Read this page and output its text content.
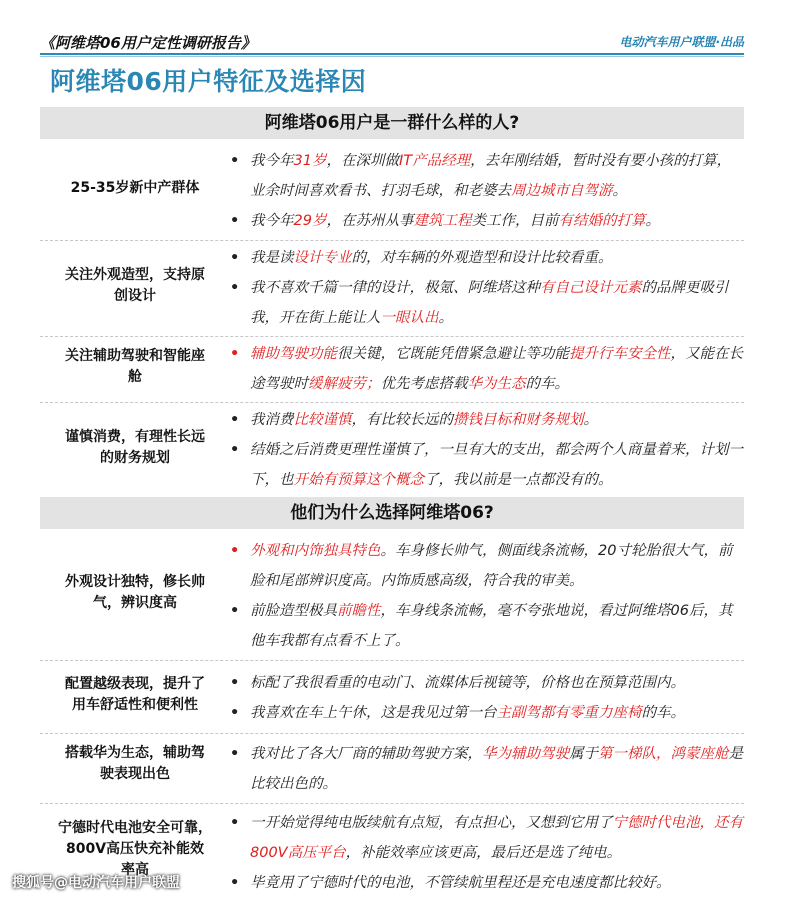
《阿维塔06用户定性调研报告》	电动汽车用户联盟·出品
阿维塔06用户特征及选择因
阿维塔06用户是一群什么样的人?
25-35岁新中产群体
• 我今年31岁，在深圳做IT产品经理，去年刚结婚，暂时没有要小孩的打算，业余时间喜欢看书、打羽毛球，和老婆去周边城市自驾游。
• 我今年29岁，在苏州从事建筑工程类工作，目前有结婚的打算。
关注外观造型，支持原
创设计
• 我是读设计专业的，对车辆的外观造型和设计比较看重。
• 我不喜欢千篇一律的设计，极氪、阿维塔这种有自己设计元素的品牌更吸引我，开在街上能让人一眼认出。
关注辅助驾驶和智能座
舱
• 辅助驾驶功能很关键，它既能凭借紧急避让等功能提升行车安全性，又能在长途驾驶时缓解疲劳；优先考虑搭载华为生态的车。
谨慎消费，有理性长远
的财务规划
• 我消费比较谨慎，有比较长远的攒钱目标和财务规划。
• 结婚之后消费更理性谨慎了，一旦有大的支出，都会两个人商量着来，计划一下，也开始有预算这个概念了，我以前是一点都没有的。
他们为什么选择阿维塔06?
外观设计独特，修长帅
气，辨识度高
• 外观和内饰独具特色。车身修长帅气，侧面线条流畅，20寸轮胎很大气，前脸和尾部辨识度高。内饰质感高级，符合我的审美。
• 前脸造型极具前瞻性，车身线条流畅，毫不夸张地说，看过阿维塔06后，其他车我都有点看不上了。
配置越级表现，提升了
用车舒适性和便利性
• 标配了我很看重的电动门、流媒体后视镜等，价格也在预算范围内。
• 我喜欢在车上午休，这是我见过第一台主副驾都有零重力座椅的车。
搭载华为生态，辅助驾
驶表现出色
• 我对比了各大厂商的辅助驾驶方案，华为辅助驾驶属于第一梯队，鸿蒙座舱是比较出色的。
宁德时代电池安全可靠，
800V高压快充补能效
率高
• 一开始觉得纯电版续航有点短，有点担心，又想到它用了宁德时代电池，还有800V高压平台，补能效率应该更高，最后还是选了纯电。
• 毕竟用了宁德时代的电池，不管续航里程还是充电速度都比较好。
搜狐号@电动汽车用户联盟
